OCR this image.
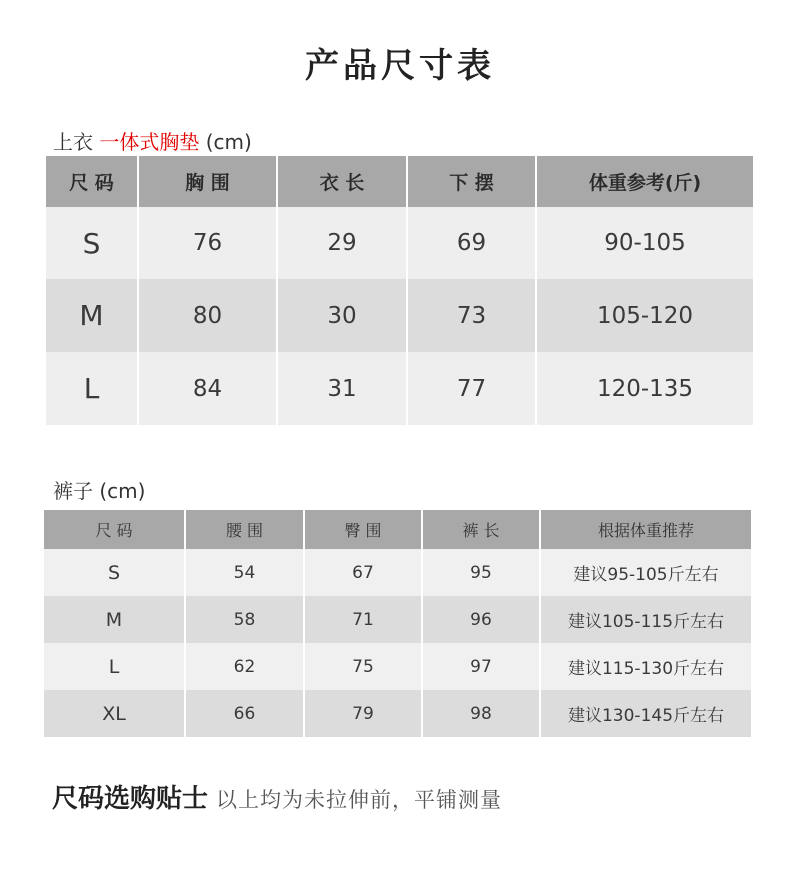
产品尺寸表
上衣 一体式胸垫 (cm)
尺 码	胸 围	衣 长	下 摆	体重参考(斤)
S	76	29	69	90-105
M	80	30	73	105-120
L	84	31	77	120-135
裤子 (cm)
尺 码	腰 围	臀 围	裤 长	根据体重推荐
S	54	67	95	建议95-105斤左右
M	58	71	96	建议105-115斤左右
L	62	75	97	建议115-130斤左右
XL	66	79	98	建议130-145斤左右
尺码选购贴士 以上均为未拉伸前，平铺测量
